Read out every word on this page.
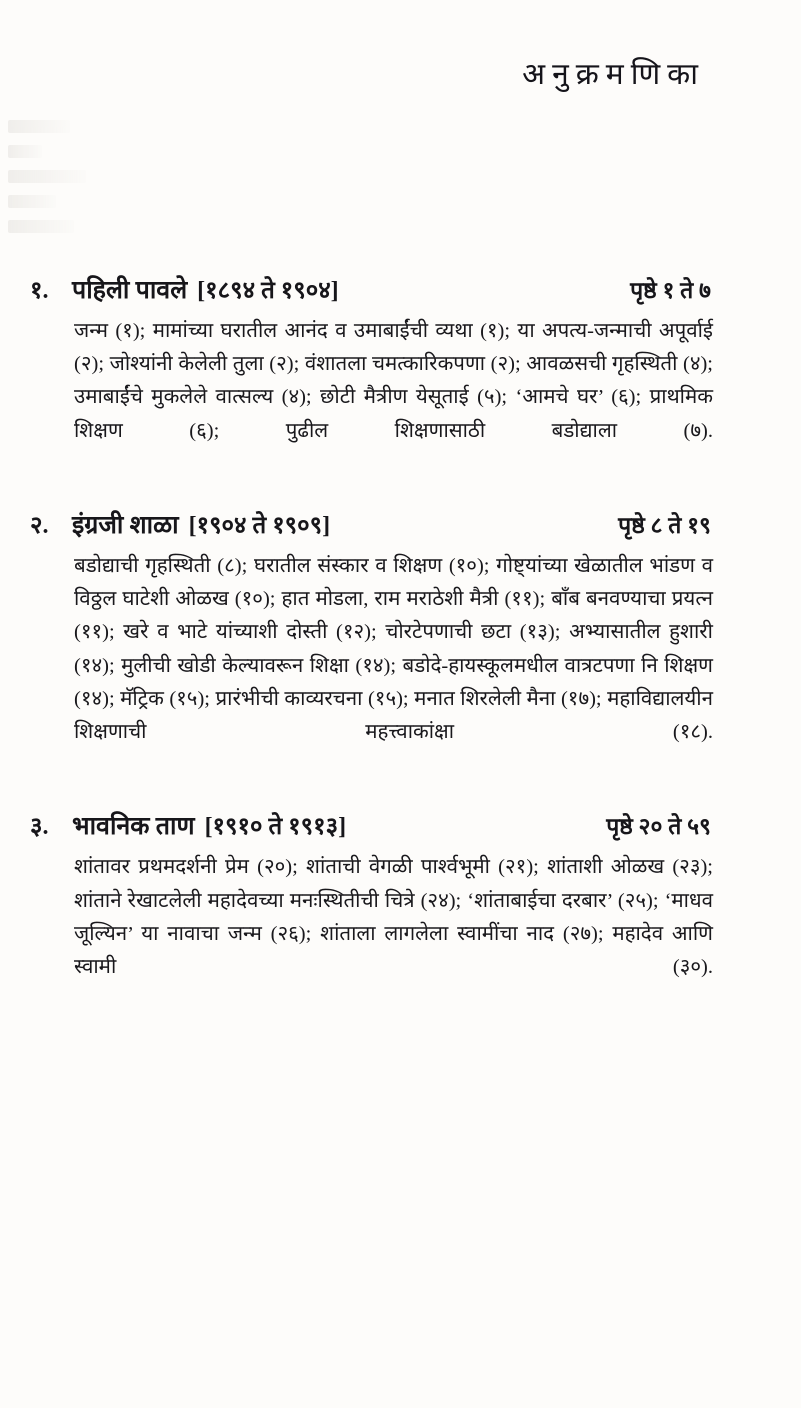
अनुक्रमणिका
१. पहिली पावले [१८९४ ते १९०४]	पृष्ठे १ ते ७
जन्म (१); मामांच्या घरातील आनंद व उमाबाईंची व्यथा (१); या अपत्य-जन्माची अपूर्वाई (२); जोश्यांनी केलेली तुला (२); वंशातला चमत्कारिकपणा (२); आवळसची गृहस्थिती (४); उमाबाईंचे मुकलेले वात्सल्य (४); छोटी मैत्रीण येसूताई (५); ‘आमचे घर’ (६); प्राथमिक शिक्षण (६); पुढील शिक्षणासाठी बडोद्याला (७).
२. इंग्रजी शाळा [१९०४ ते १९०९]	पृष्ठे ८ ते १९
बडोद्याची गृहस्थिती (८); घरातील संस्कार व शिक्षण (१०); गोष्ट्यांच्या खेळातील भांडण व विठ्ठल घाटेशी ओळख (१०); हात मोडला, राम मराठेशी मैत्री (११); बाँब बनवण्याचा प्रयत्न (११); खरे व भाटे यांच्याशी दोस्ती (१२); चोरटेपणाची छटा (१३); अभ्यासातील हुशारी (१४); मुलीची खोडी केल्यावरून शिक्षा (१४); बडोदे-हायस्कूलमधील वात्रटपणा नि शिक्षण (१४); मॅट्रिक (१५); प्रारंभीची काव्यरचना (१५); मनात शिरलेली मैना (१७); महाविद्यालयीन शिक्षणाची महत्त्वाकांक्षा (१८).
३. भावनिक ताण [१९१० ते १९१३]	पृष्ठे २० ते ५९
शांतावर प्रथमदर्शनी प्रेम (२०); शांताची वेगळी पार्श्वभूमी (२१); शांताशी ओळख (२३); शांताने रेखाटलेली महादेवच्या मनःस्थितीची चित्रे (२४); ‘शांताबाईचा दरबार’ (२५); ‘माधव जूल्यिन’ या नावाचा जन्म (२६); शांताला लागलेला स्वामींचा नाद (२७); महादेव आणि स्वामी (३०).
